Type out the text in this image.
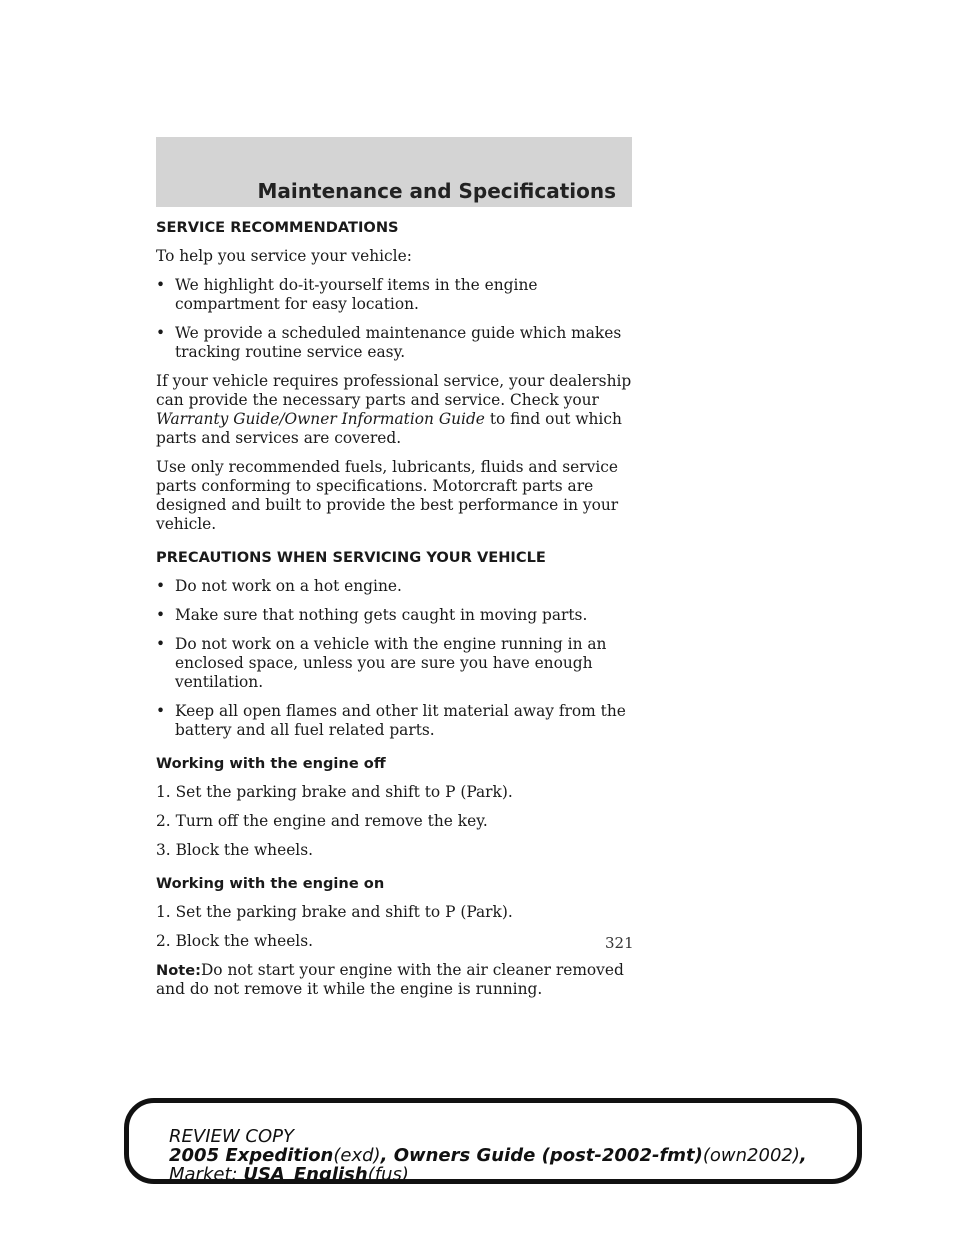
Maintenance and Specifications
SERVICE RECOMMENDATIONS

To help you service your vehicle:

• We highlight do-it-yourself items in the engine compartment for easy location.
• We provide a scheduled maintenance guide which makes tracking routine service easy.

If your vehicle requires professional service, your dealership can provide the necessary parts and service. Check your Warranty Guide/Owner Information Guide to find out which parts and services are covered.

Use only recommended fuels, lubricants, fluids and service parts conforming to specifications. Motorcraft parts are designed and built to provide the best performance in your vehicle.

PRECAUTIONS WHEN SERVICING YOUR VEHICLE
• Do not work on a hot engine.
• Make sure that nothing gets caught in moving parts.
• Do not work on a vehicle with the engine running in an enclosed space, unless you are sure you have enough ventilation.
• Keep all open flames and other lit material away from the battery and all fuel related parts.
Working with the engine off

1. Set the parking brake and shift to P (Park).

2. Turn off the engine and remove the key.

3. Block the wheels.

Working with the engine on

1. Set the parking brake and shift to P (Park).

2. Block the wheels.

Note:Do not start your engine with the air cleaner removed and do not remove it while the engine is running.

321
REVIEW COPY
2005 Expedition(exd), Owners Guide (post-2002-fmt)(own2002),
Market: USA_English(fus)
